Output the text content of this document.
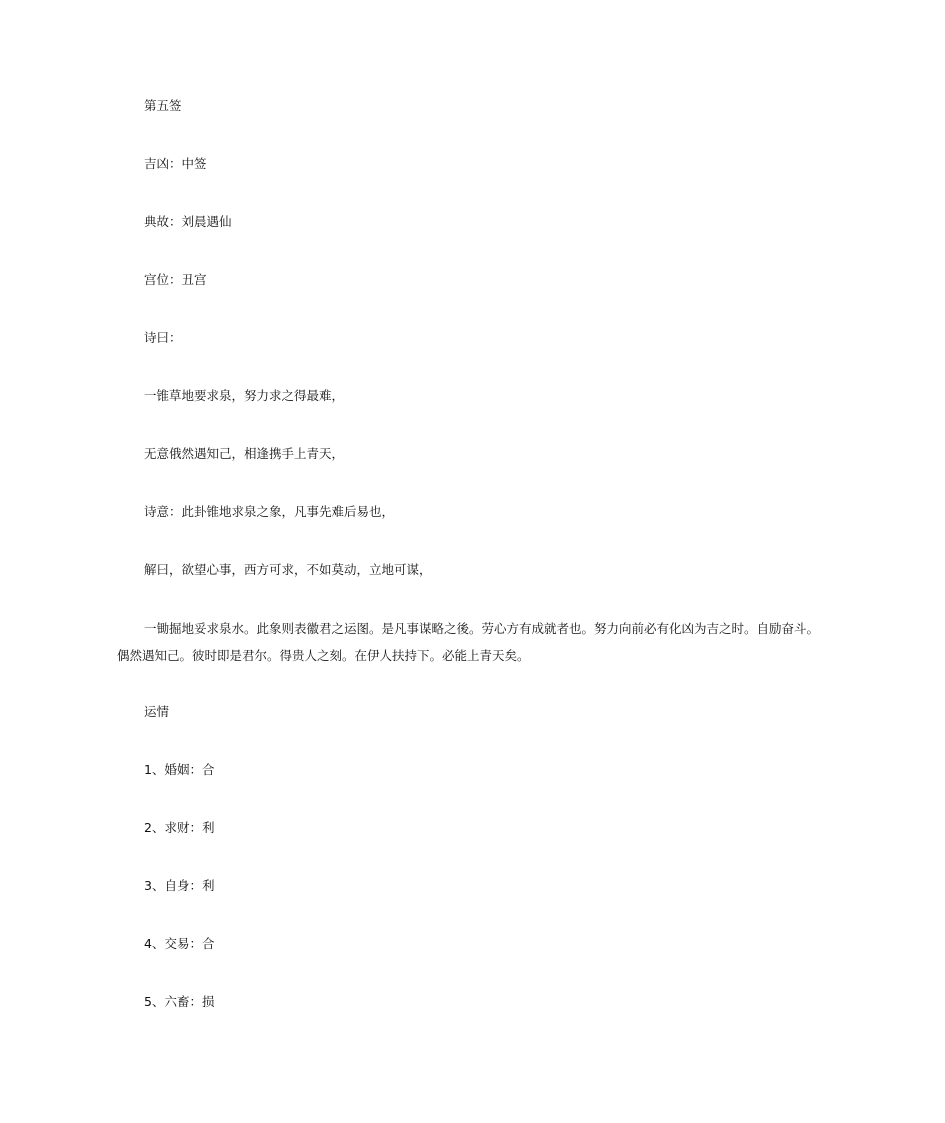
第五签

吉凶：中签

典故：刘晨遇仙

宫位：丑宫

诗曰：

一锥草地要求泉，努力求之得最难，

无意俄然遇知己，相逢携手上青天，

诗意：此卦锥地求泉之象，凡事先难后易也，

解曰，欲望心事，西方可求，不如莫动，立地可谋，

一锄掘地妥求泉水。此象则表徽君之运图。是凡事谋略之後。劳心方有成就者也。努力向前必有化凶为吉之时。自励奋斗。偶然遇知己。彼时即是君尔。得贵人之刻。在伊人扶持下。必能上青天矣。

运情

1、婚姻：合

2、求财：利

3、自身：利

4、交易：合

5、六畜：损
